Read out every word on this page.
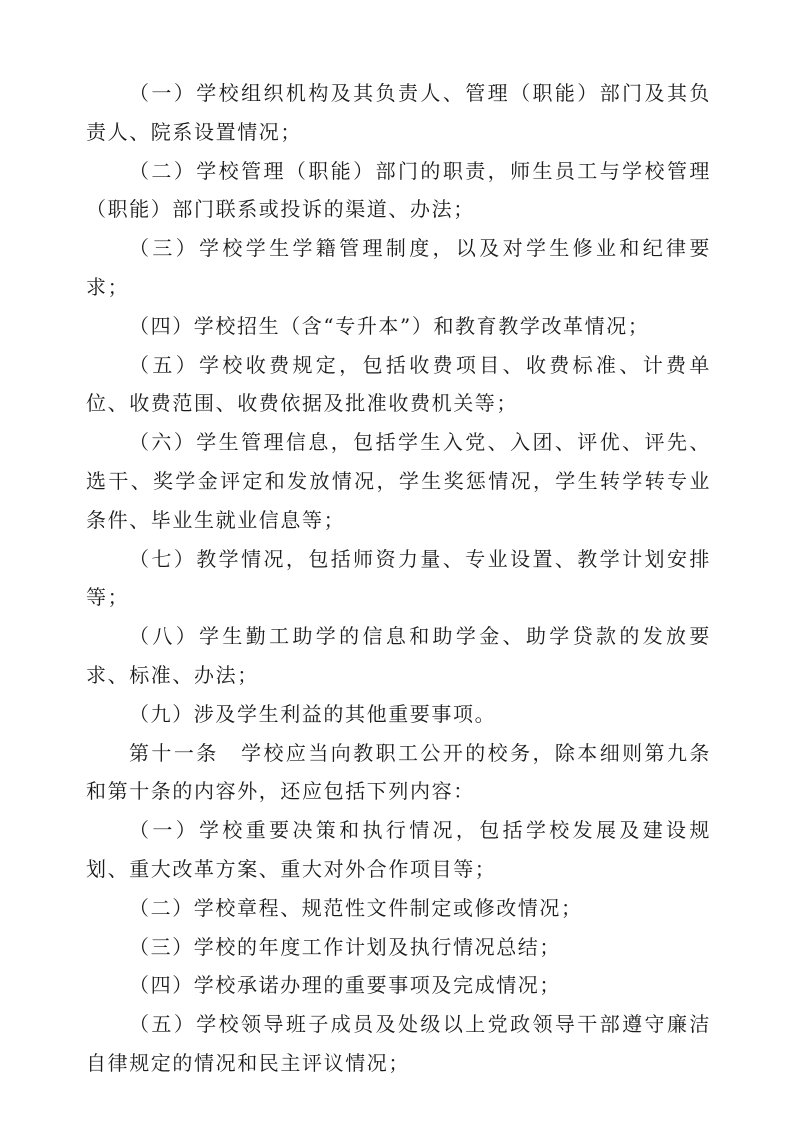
（一）学校组织机构及其负责人、管理（职能）部门及其负责人、院系设置情况；

（二）学校管理（职能）部门的职责，师生员工与学校管理（职能）部门联系或投诉的渠道、办法；

（三）学校学生学籍管理制度，以及对学生修业和纪律要求；

（四）学校招生（含“专升本”）和教育教学改革情况；

（五）学校收费规定，包括收费项目、收费标准、计费单位、收费范围、收费依据及批准收费机关等；

（六）学生管理信息，包括学生入党、入团、评优、评先、选干、奖学金评定和发放情况，学生奖惩情况，学生转学转专业条件、毕业生就业信息等；

（七）教学情况，包括师资力量、专业设置、教学计划安排等；

（八）学生勤工助学的信息和助学金、助学贷款的发放要求、标准、办法；

（九）涉及学生利益的其他重要事项。

第十一条　学校应当向教职工公开的校务，除本细则第九条和第十条的内容外，还应包括下列内容：

（一）学校重要决策和执行情况，包括学校发展及建设规划、重大改革方案、重大对外合作项目等；

（二）学校章程、规范性文件制定或修改情况；

（三）学校的年度工作计划及执行情况总结；

（四）学校承诺办理的重要事项及完成情况；

（五）学校领导班子成员及处级以上党政领导干部遵守廉洁自律规定的情况和民主评议情况；
